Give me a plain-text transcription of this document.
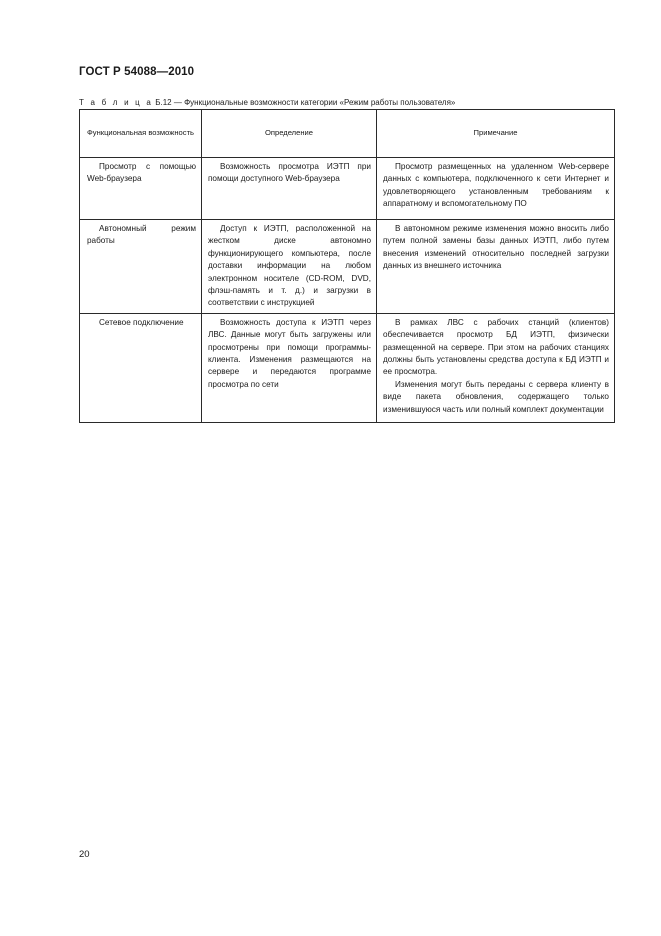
ГОСТ Р 54088—2010
Т а б л и ц а Б.12 — Функциональные возможности категории «Режим работы пользователя»
Функциональная возможность	Определение	Примечание

Просмотр с помощью Web-браузера	Возможность просмотра ИЭТП при помощи доступного Web-браузера	Просмотр размещенных на удаленном Web-сервере данных с компьютера, подключенного к сети Интернет и удовлетворяющего установленным требованиям к аппаратному и вспомогательному ПО

Автономный режим работы	Доступ к ИЭТП, расположенной на жестком диске автономно функционирующего компьютера, после доставки информации на любом электронном носителе (CD-ROM, DVD, флэш-память и т. д.) и загрузки в соответствии с инструкцией	В автономном режиме изменения можно вносить либо путем полной замены базы данных ИЭТП, либо путем внесения изменений относительно последней загрузки данных из внешнего источника

Сетевое подключение	Возможность доступа к ИЭТП через ЛВС. Данные могут быть загружены или просмотрены при помощи программы-клиента. Изменения размещаются на сервере и передаются программе просмотра по сети	В рамках ЛВС с рабочих станций (клиентов) обеспечивается просмотр БД ИЭТП, физически размещенной на сервере. При этом на рабочих станциях должны быть установлены средства доступа к БД ИЭТП и ее просмотра.

Изменения могут быть переданы с сервера клиенту в виде пакета обновления, содержащего только изменившуюся часть или полный комплект документации

20
